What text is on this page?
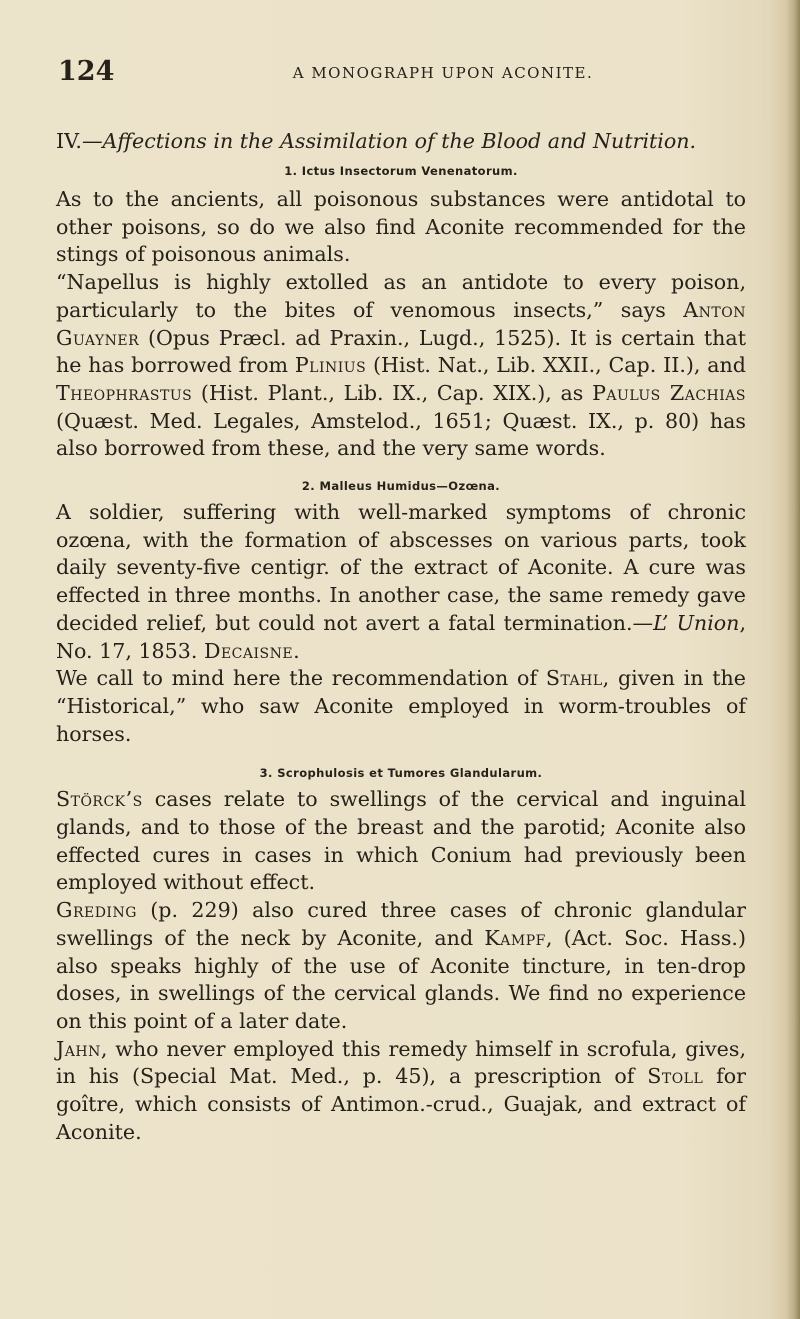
124	A MONOGRAPH UPON ACONITE.
IV.—Affections in the Assimilation of the Blood and Nutrition.
1. Ictus Insectorum Venenatorum.

As to the ancients, all poisonous substances were antidotal to other poisons, so do we also find Aconite recommended for the stings of poisonous animals.

“Napellus is highly extolled as an antidote to every poison, particularly to the bites of venomous insects,” says Anton Guayner (Opus Præcl. ad Praxin., Lugd., 1525). It is certain that he has borrowed from Plinius (Hist. Nat., Lib. XXII., Cap. II.), and Theophrastus (Hist. Plant., Lib. IX., Cap. XIX.), as Paulus Zachias (Quæst. Med. Legales, Amstelod., 1651; Quæst. IX., p. 80) has also borrowed from these, and the very same words.

2. Malleus Humidus—Ozœna.

A soldier, suffering with well-marked symptoms of chronic ozœna, with the formation of abscesses on various parts, took daily seventy-five centigr. of the extract of Aconite. A cure was effected in three months. In another case, the same remedy gave decided relief, but could not avert a fatal termination.—L’ Union, No. 17, 1853. Decaisne.

We call to mind here the recommendation of Stahl, given in the “Historical,” who saw Aconite employed in worm-troubles of horses.

3. Scrophulosis et Tumores Glandularum.

Störck’s cases relate to swellings of the cervical and inguinal glands, and to those of the breast and the parotid; Aconite also effected cures in cases in which Conium had previously been employed without effect.

Greding (p. 229) also cured three cases of chronic glandular swellings of the neck by Aconite, and Kampf, (Act. Soc. Hass.) also speaks highly of the use of Aconite tincture, in ten-drop doses, in swellings of the cervical glands. We find no experience on this point of a later date.

Jahn, who never employed this remedy himself in scrofula, gives, in his (Special Mat. Med., p. 45), a prescription of Stoll for goître, which consists of Antimon.-crud., Guajak, and extract of Aconite.
